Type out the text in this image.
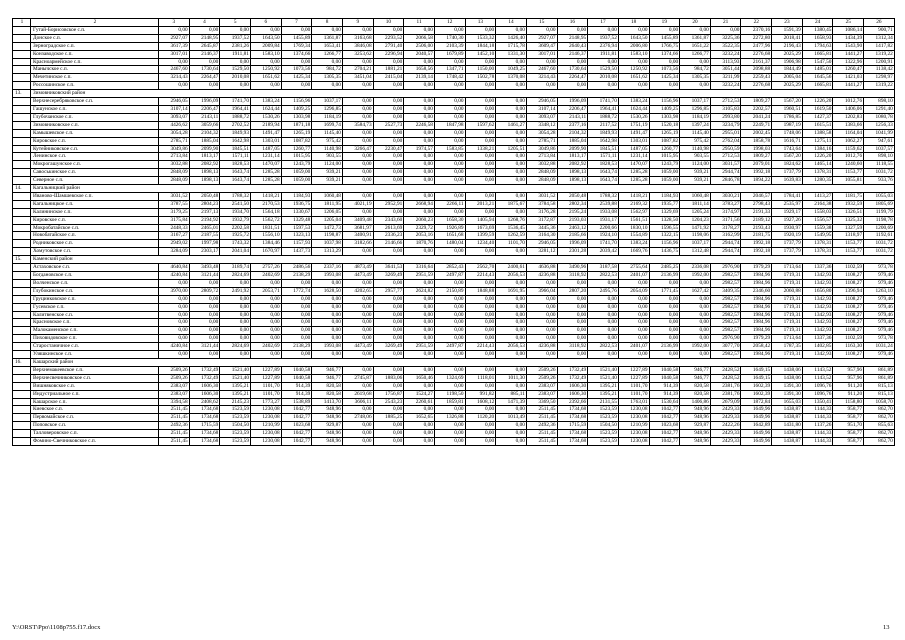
1	2	3	4	5	6	7	8	9	10	11	12	13	14	15	16	17	18	19	20	21	22	23	24	25	26	
	Гутай-Борисовское с.п.	0,00	0,00	0,00	0,00	0,00	0,00	0,00	0,00	0,00	0,00	0,00	0,00	0,00	0,00	0,00	0,00	0,00	0,00	0,00	2370,16	1591,39	1380,45	1086,14	900,71	
	Донское с.п.	2927,07	2148,95	1937,52	1643,50	1455,89	1361,87	3163,68	2293,52	2066,58	1740,30	1533,32	1426,40	2927,07	2148,95	1937,52	1643,50	1455,89	1361,87	3225,36	2272,80	2018,41	1658,93	1434,39	1312,34	
	Зерноградское с.п.	3617,39	2645,87	2381,26	2009,84	1769,34	1653,41	3846,08	2791,40	2506,00	2103,39	1844,18	1715,78	3609,47	2640,43	2376,94	2006,80	1766,75	1651,22	3522,35	2477,96	2196,43	1794,63	1543,90	1417,82	
	Конзаводское с.п.	3017,01	2146,37	1911,81	1583,10	1374,66	1266,77	3253,62	2296,94	2040,57	1679,89	1452,10	1331,30	3017,01	2146,37	1911,81	1583,10	1374,66	1266,77	3232,24	2276,68	2025,29	1665,81	1441,27	1319,22	
	Красноармейское с.п.	0,00	0,00	0,00	0,00	0,00	0,00	0,00	0,00	0,00	0,00	0,00	0,00	0,00	0,00	0,00	0,00	0,00	0,00	3113,93	2161,37	1906,98	1547,50	1322,96	1200,91	
	Манычское с.п.	2467,60	1730,64	1529,50	1250,92	1073,56	984,72	2704,21	1881,21	1658,56	1347,71	1150,00	1049,25	2467,60	1730,64	1529,50	1250,92	1073,56	984,72	3051,44	2098,88	1844,49	1485,01	1260,47	1138,42	
	Мечетинское с.п.	3214,43	2264,47	2010,08	1651,62	1425,34	1305,35	3451,04	2415,04	2139,14	1748,42	1502,78	1370,08	3214,43	2264,47	2010,08	1651,62	1425,34	1305,35	3211,99	2259,43	2005,04	1645,56	1421,03	1298,97	
	Россошинское с.п.	0,00	0,00	0,00	0,00	0,00	0,00	0,00	0,00	0,00	0,00	0,00	0,00	0,00	0,00	0,00	0,00	0,00	0,00	3232,24	2276,68	2025,29	1665,81	1441,27	1319,22	
13.	Зимовниковский район																									
	Верхнесеребряковское с.п.	2946,05	1996,09	1741,70	1383,24	1156,96	1037,17	0,00	0,00	0,00	0,00	0,00	0,00	2946,05	1996,09	1741,70	1383,24	1156,96	1037,17	2712,53	1809,27	1567,20	1226,20	1012,76	898,10	
	Гашунское с.п.	3107,14	2206,47	1964,41	1624,44	1409,25	1296,85	0,00	0,00	0,00	0,00	0,00	0,00	3107,14	2206,47	1964,41	1624,44	1409,25	1296,85	3105,83	2202,57	1960,51	1619,50	1406,06	1291,40	
	Глубочанское с.п.	3093,07	2143,11	1888,72	1530,26	1303,98	1184,19	0,00	0,00	0,00	0,00	0,00	0,00	3093,07	2143,11	1888,72	1530,26	1303,98	1184,19	2993,80	2041,24	1786,85	1427,37	1202,83	1080,78	
	Зимовниковское с.п.	4426,62	3059,66	2702,52	2189,94	1871,18	1699,74	3584,73	2527,73	2246,58	1847,98	1597,62	1461,27	3348,12	2377,16	2117,52	1751,19	1520,18	1397,24	3234,79	2249,71	1987,19	1615,51	1383,66	1256,33	
	Камышевское с.п.	3054,28	2104,32	1849,93	1491,47	1265,19	1145,40	0,00	0,00	0,00	0,00	0,00	0,00	3054,28	2104,32	1849,93	1491,47	1265,19	1145,40	2955,01	2002,45	1748,06	1388,58	1164,04	1041,99	
	Кировское с.п.	2785,71	1885,04	1642,98	1303,01	1087,82	975,42	0,00	0,00	0,00	0,00	0,00	0,00	2785,71	1885,04	1642,98	1303,01	1087,82	975,42	2762,04	1858,78	1616,71	1275,11	1062,27	947,61	
	Кутейниковское с.п.	3049,86	2099,90	1845,51	1487,05	1260,77	1140,98	3266,47	2230,47	1974,57	1583,85	1338,21	1205,51	3049,86	2099,90	1845,51	1487,05	1260,77	1140,98	2950,59	1998,03	1743,64	1384,16	1159,62	1037,57	
	Ленинское с.п.	2713,84	1813,17	1571,11	1231,14	1015,95	903,55	0,00	0,00	0,00	0,00	0,00	0,00	2713,84	1813,17	1571,11	1231,14	1015,95	903,55	2712,53	1809,27	1567,20	1226,20	1012,76	898,10	
	Мокрогашунское с.п.	3032,88	2082,92	1828,53	1470,07	1243,79	1124,00	0,00	0,00	0,00	0,00	0,00	0,00	3032,88	2082,92	1828,53	1470,07	1243,79	1124,00	3031,57	2079,01	1824,62	1465,14	1240,60	1118,55	
	Савоськинское с.п.	2848,09	1898,13	1643,74	1285,28	1059,00	939,21	0,00	0,00	0,00	0,00	0,00	0,00	2848,09	1898,13	1643,74	1285,28	1059,00	939,21	2944,74	1992,18	1737,79	1378,31	1153,77	1031,72	
	Северное с.п.	2848,09	1898,13	1643,74	1285,28	1059,00	939,21	0,00	0,00	0,00	0,00	0,00	0,00	2848,09	1898,13	1643,74	1285,28	1059,00	939,21	2846,78	1894,22	1639,83	1280,35	1055,81	933,76	
14.	Кагальницкий район																									
	Иваново-Шамшевское с.п.	3031,52	2050,48	1788,32	1418,21	1184,93	1060,48	0,00	0,00	0,00	0,00	0,00	0,00	3031,52	2050,48	1788,32	1418,21	1184,93	1060,48	3030,21	2046,57	1784,41	1413,27	1181,75	1055,03	
	Кагальницкое с.п.	3787,55	2804,23	2541,50	2170,53	1936,75	1811,95	4021,19	2952,91	2668,94	2266,11	2013,21	1875,67	3784,58	2802,34	2539,88	2169,32	1935,77	1811,14	3783,27	2798,43	2535,97	2164,38	1932,59	1805,69	
	Калининское с.п.	3179,25	2197,13	1934,70	1564,18	1330,67	1206,05	0,00	0,00	0,00	0,00	0,00	0,00	3176,28	2195,24	1933,08	1562,97	1329,69	1205,24	3174,97	2191,33	1929,17	1558,03	1326,51	1199,79	
	Кировское с.п.	3175,84	2194,92	1932,79	1562,72	1329,48	1205,04	3409,48	2343,60	2060,23	1658,30	1405,94	1268,76	3172,87	2193,03	1931,17	1561,51	1328,50	1204,23	3171,56	2189,12	1927,26	1556,57	1325,32	1198,78	
	Мокробатайское с.п.	2448,33	2465,01	2202,58	1831,51	1597,53	1472,73	3681,97	2613,69	2329,72	1926,89	1673,69	1536,45	3445,36	2463,12	2200,66	1830,10	1596,55	1471,92	3178,27	2193,43	1930,97	1559,38	1327,59	1200,69	
	Новобатайское с.п.	3167,27	2187,55	1925,72	1556,10	1323,13	1198,87	3400,91	2336,23	2053,16	1651,68	1399,59	1262,59	3164,30	2185,66	1924,10	1554,89	1322,15	1198,06	3162,99	2181,75	1920,19	1549,95	1318,97	1192,61	
	Родниковское с.п.	2949,02	1997,98	1743,32	1384,46	1157,93	1037,98	3182,66	2146,66	1870,76	1480,04	1234,40	1101,70	2946,05	1996,09	1741,70	1383,24	1156,96	1037,17	2944,74	1992,18	1737,79	1378,31	1153,77	1031,72	
	Хомутовское с.п.	3284,09	2303,17	2041,04	1670,97	1437,73	1313,29	0,00	0,00	0,00	0,00	0,00	0,00	3281,12	2301,28	2039,42	1669,76	1436,75	1312,48	2944,74	1992,18	1737,79	1378,31	1153,77	1031,72	
15.	Каменский район																									
	Астаховское с.п.	4640,84	3493,48	3189,74	2757,26	2486,56	2337,16	4873,49	3641,53	3316,64	2852,43	2562,70	2400,61	4636,88	3490,96	3187,58	2755,64	2485,25	2336,08	2976,90	1979,29	1713,64	1337,36	1102,59	973,78	
	Богдановское с.п.	4240,84	3121,44	2824,69	2402,69	2138,29	1993,08	4473,49	3269,49	2951,59	2497,87	2214,43	2056,53	4236,88	3118,92	2822,53	2401,07	2136,99	1992,00	2982,57	1984,96	1719,31	1342,93	1108,27	979,46	
	Волченское с.п.	0,00	0,00	0,00	0,00	0,00	0,00	0,00	0,00	0,00	0,00	0,00	0,00	0,00	0,00	0,00	0,00	0,00	0,00	2982,57	1984,96	1719,31	1342,93	1108,27	979,46	
	Глубокинское с.п.	3970,00	2809,72	2491,92	2053,71	1772,74	1628,50	4202,65	2957,77	2624,82	2150,89	1848,88	1691,95	3966,04	2807,20	2495,76	2054,09	1771,45	1627,42	3409,35	2346,60	2060,88	1656,80	1396,94	1263,10	
	Груцинковское с.п.	0,00	0,00	0,00	0,00	0,00	0,00	0,00	0,00	0,00	0,00	0,00	0,00	0,00	0,00	0,00	0,00	0,00	0,00	2982,57	1984,96	1719,31	1342,93	1108,27	979,46	
	Гусевское с.п.	0,00	0,00	0,00	0,00	0,00	0,00	0,00	0,00	0,00	0,00	0,00	0,00	0,00	0,00	0,00	0,00	0,00	0,00	2982,57	1984,96	1719,31	1342,93	1108,27	979,46	
	Калитвенское с.п.	0,00	0,00	0,00	0,00	0,00	0,00	0,00	0,00	0,00	0,00	0,00	0,00	0,00	0,00	0,00	0,00	0,00	0,00	2982,57	1984,96	1719,31	1342,93	1108,27	979,46	
	Красновское с.п.	0,00	0,00	0,00	0,00	0,00	0,00	0,00	0,00	0,00	0,00	0,00	0,00	0,00	0,00	0,00	0,00	0,00	0,00	2982,57	1984,96	1719,31	1342,93	1108,27	979,46	
	Малокаменское с.п.	0,00	0,00	0,00	0,00	0,00	0,00	0,00	0,00	0,00	0,00	0,00	0,00	0,00	0,00	0,00	0,00	0,00	0,00	2982,57	1984,96	1719,31	1342,93	1108,27	979,46	
	Пиховидовское с.п.	0,00	0,00	0,00	0,00	0,00	0,00	0,00	0,00	0,00	0,00	0,00	0,00	0,00	0,00	0,00	0,00	0,00	0,00	2976,90	1979,29	1713,64	1337,36	1102,59	973,78	
	Старостаничное с.п.	4240,84	3121,44	2824,69	2402,69	2138,29	1993,08	4473,49	3269,49	2951,59	2497,87	2214,43	2056,53	4236,88	3118,92	2822,53	2401,07	2136,99	1992,00	3077,70	2058,42	1787,35	1402,85	1163,30	1031,24	
	Уляшкинское с.п.	0,00	0,00	0,00	0,00	0,00	0,00	0,00	0,00	0,00	0,00	0,00	0,00	0,00	0,00	0,00	0,00	0,00	0,00	2982,57	1984,96	1719,31	1342,93	1108,27	979,46	
16.	Кашарский район																									
	Верхнемакеевское с.п.	2509,26	1732,49	1521,40	1227,89	1040,58	946,77	0,00	0,00	0,00	0,00	0,00	0,00	2509,26	1732,49	1521,40	1227,89	1040,58	946,77	2428,52	1649,15	1438,06	1143,52	957,96	861,89	
	Верхнесвечниковское с.п.	2509,26	1732,49	1521,40	1227,89	1040,58	946,77	2745,87	1883,06	1650,46	1324,69	1118,01	1011,30	2509,26	1732,49	1521,40	1227,89	1040,58	946,77	2428,52	1649,15	1438,06	1143,52	957,96	861,89	
	Вишняковское с.п.	2383,07	1606,30	1395,21	1101,70	914,39	820,58	0,00	0,00	0,00	0,00	0,00	0,00	2383,07	1606,30	1395,21	1101,70	914,39	820,58	2381,76	1602,39	1391,30	1096,76	911,20	815,13	
	Индустриальное с.п.	2383,07	1606,30	1395,21	1101,70	914,39	820,58	2619,68	1756,87	1524,27	1198,50	991,82	885,11	2383,07	1606,30	1395,21	1101,70	914,39	820,58	2381,76	1602,39	1391,30	1096,76	911,20	815,13	
	Кашарское с.п.	3394,58	2408,62	2145,23	1773,27	1538,89	1413,70	3606,11	2543,23	2260,61	1859,81	1608,12	1471,39	3369,50	2392,66	2131,55	1763,01	1530,64	1406,86	2679,09	1872,84	1655,03	1350,41	1158,80	1058,70	
	Киевское с.п.	2511,45	1734,68	1523,59	1230,08	1042,77	948,96	0,00	0,00	0,00	0,00	0,00	0,00	2511,45	1734,68	1523,59	1230,08	1042,77	948,96	2429,33	1649,96	1438,87	1144,33	958,77	862,70	
	Первомайское с.п.	2511,45	1734,68	1523,59	1230,08	1042,77	948,96	2748,06	1885,25	1652,65	1326,88	1120,20	1013,49	2511,45	1734,68	1523,59	1230,08	1042,77	948,96	2429,33	1649,96	1438,87	1144,33	958,77	862,70	
	Поповское с.п.	2492,36	1715,59	1504,50	1210,99	1023,68	929,87	0,00	0,00	0,00	0,00	0,00	0,00	2492,36	1715,59	1504,50	1210,99	1023,68	929,87	2422,26	1642,89	1431,80	1137,26	951,70	855,63	
	Талловеровское с.п.	2511,45	1734,68	1523,59	1230,08	1042,77	948,96	0,00	0,00	0,00	0,00	0,00	0,00	2511,45	1734,68	1523,59	1230,08	1042,77	948,96	2429,33	1649,96	1438,87	1144,33	958,77	862,70	
	Фомино-Свечниковское с.п.	2511,45	1734,68	1523,59	1230,08	1042,77	948,96	0,00	0,00	0,00	0,00	0,00	0,00	2511,45	1734,68	1523,59	1230,08	1042,77	948,96	2429,33	1649,96	1438,87	1144,33	958,77	862,70	
Y:\ORST\Ppo\1108p755.f17.docx	13
